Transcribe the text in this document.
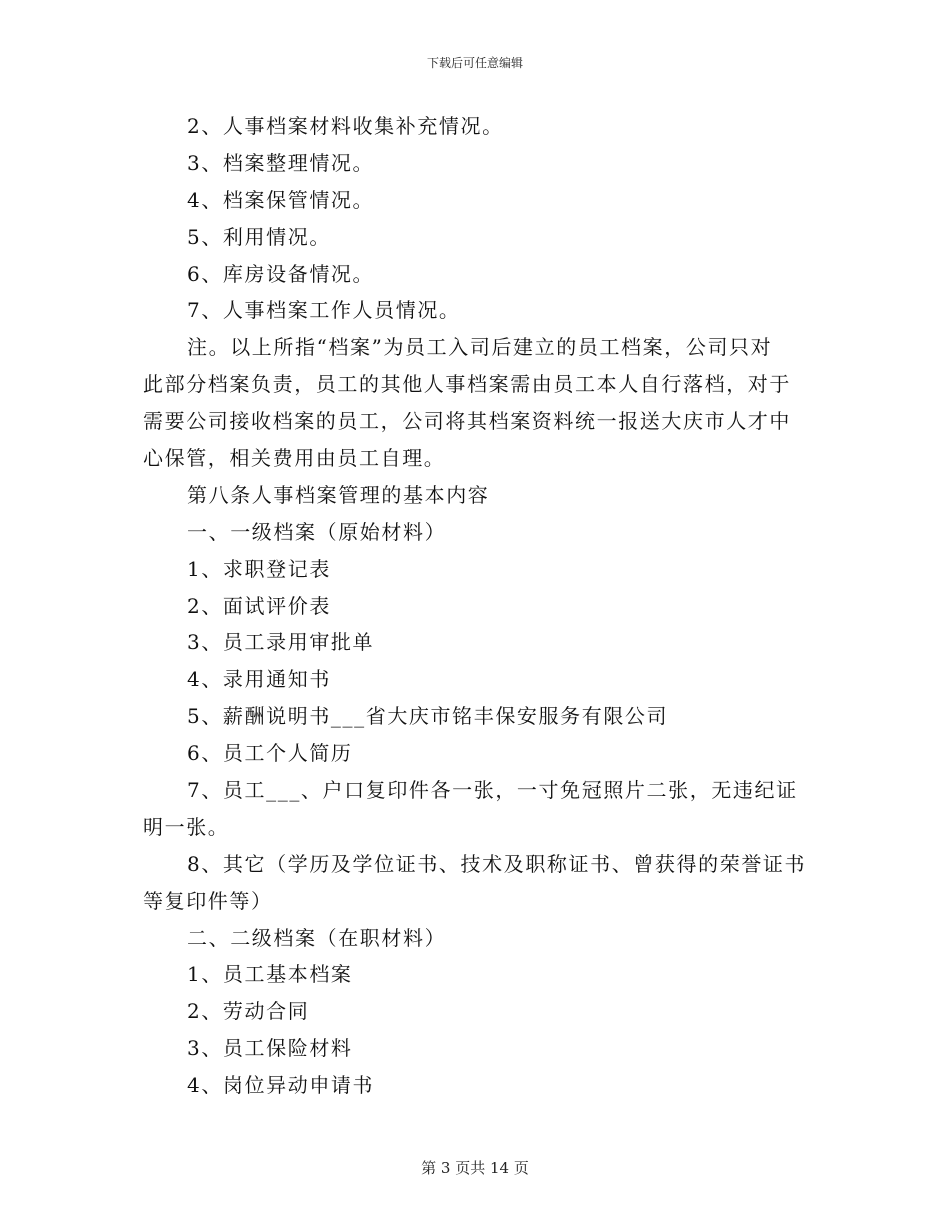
下载后可任意编辑
2、人事档案材料收集补充情况。
3、档案整理情况。
4、档案保管情况。
5、利用情况。
6、库房设备情况。
7、人事档案工作人员情况。
注。以上所指“档案”为员工入司后建立的员工档案，公司只对
此部分档案负责，员工的其他人事档案需由员工本人自行落档，对于
需要公司接收档案的员工，公司将其档案资料统一报送大庆市人才中
心保管，相关费用由员工自理。
第八条人事档案管理的基本内容
一、一级档案（原始材料）
1、求职登记表
2、面试评价表
3、员工录用审批单
4、录用通知书
5、薪酬说明书___省大庆市铭丰保安服务有限公司
6、员工个人简历
7、员工___、户口复印件各一张，一寸免冠照片二张，无违纪证
明一张。
8、其它（学历及学位证书、技术及职称证书、曾获得的荣誉证书
等复印件等）
二、二级档案（在职材料）
1、员工基本档案
2、劳动合同
3、员工保险材料
4、岗位异动申请书
第 3 页共 14 页
